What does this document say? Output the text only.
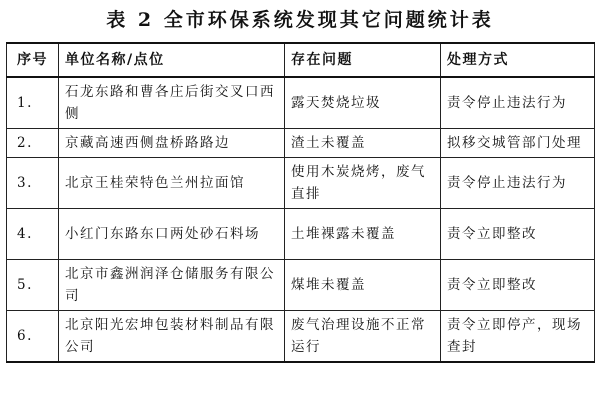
表 2 全市环保系统发现其它问题统计表
序号	单位名称/点位	存在问题	处理方式
1.	石龙东路和曹各庄后街交叉口西侧	露天焚烧垃圾	责令停止违法行为
2.	京藏高速西侧盘桥路路边	渣土未覆盖	拟移交城管部门处理
3.	北京王桂荣特色兰州拉面馆	使用木炭烧烤，废气直排	责令停止违法行为
4.	小红门东路东口两处砂石料场	土堆裸露未覆盖	责令立即整改
5.	北京市鑫洲润泽仓储服务有限公司	煤堆未覆盖	责令立即整改
6.	北京阳光宏坤包装材料制品有限公司	废气治理设施不正常运行	责令立即停产，现场查封
